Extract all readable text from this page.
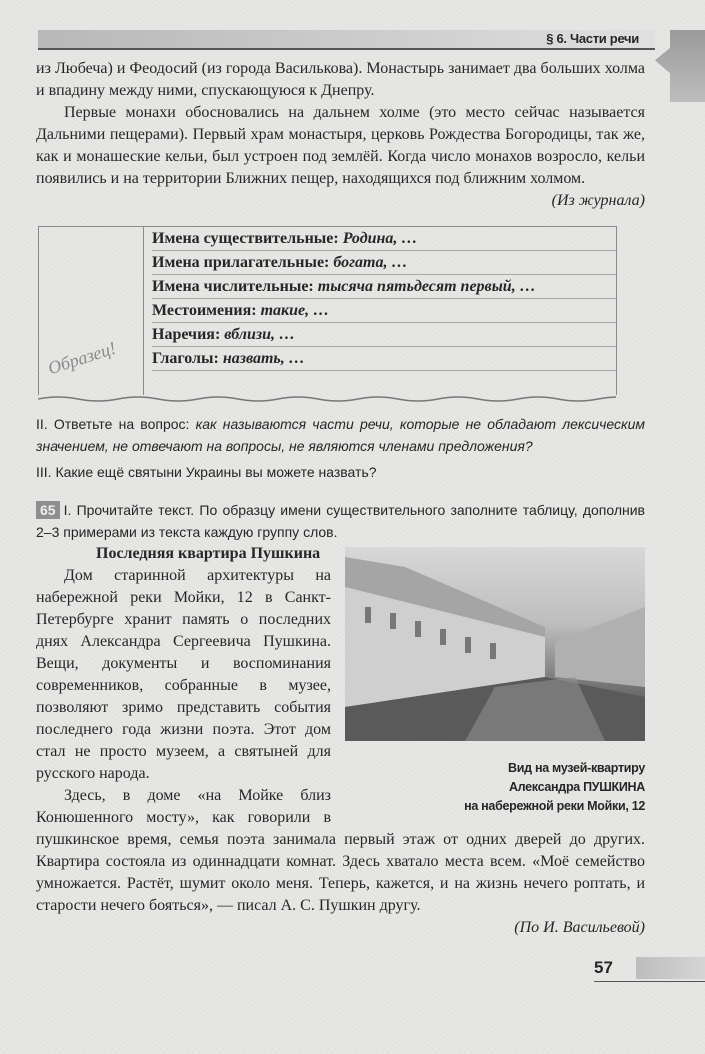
§ 6. Части речи

из Любеча) и Феодосий (из города Василькова). Монастырь занимает два больших холма и впадину между ними, спускающуюся к Днепру.

Первые монахи обосновались на дальнем холме (это место сейчас называется Дальними пещерами). Первый храм монастыря, церковь Рождества Богородицы, так же, как и монашеские кельи, был устроен под землёй. Когда число монахов возросло, кельи появились и на территории Ближних пещер, находящихся под ближним холмом.

(Из журнала)

Образец!
Имена существительные: Родина, …
Имена прилагательные: богата, …
Имена числительные: тысяча пятьдесят первый, …
Местоимения: такие, …
Наречия: вблизи, …
Глаголы: назвать, …

II. Ответьте на вопрос: как называются части речи, которые не обладают лексическим значением, не отвечают на вопросы, не являются членами предложения?

III. Какие ещё святыни Украины вы можете назвать?

65 I. Прочитайте текст. По образцу имени существительного заполните таблицу, дополнив 2–3 примерами из текста каждую группу слов.
Вид на музей-квартиру
Александра ПУШКИНА
на набережной реки Мойки, 12

Последняя квартира Пушкина

Дом старинной архитектуры на набережной реки Мойки, 12 в Санкт-Петербурге хранит память о последних днях Александра Сергеевича Пушкина. Вещи, документы и воспоминания современников, собранные в музее, позволяют зримо представить события последнего года жизни поэта. Этот дом стал не просто музеем, а святыней для русского народа.

Здесь, в доме «на Мойке близ Конюшенного мосту», как говорили в пушкинское время, семья поэта занимала первый этаж от одних дверей до других. Квартира состояла из одиннадцати комнат. Здесь хватало места всем. «Моё семейство умножается. Растёт, шумит около меня. Теперь, кажется, и на жизнь нечего роптать, и старости нечего бояться», — писал А. С. Пушкин другу.

(По И. Васильевой)

57
